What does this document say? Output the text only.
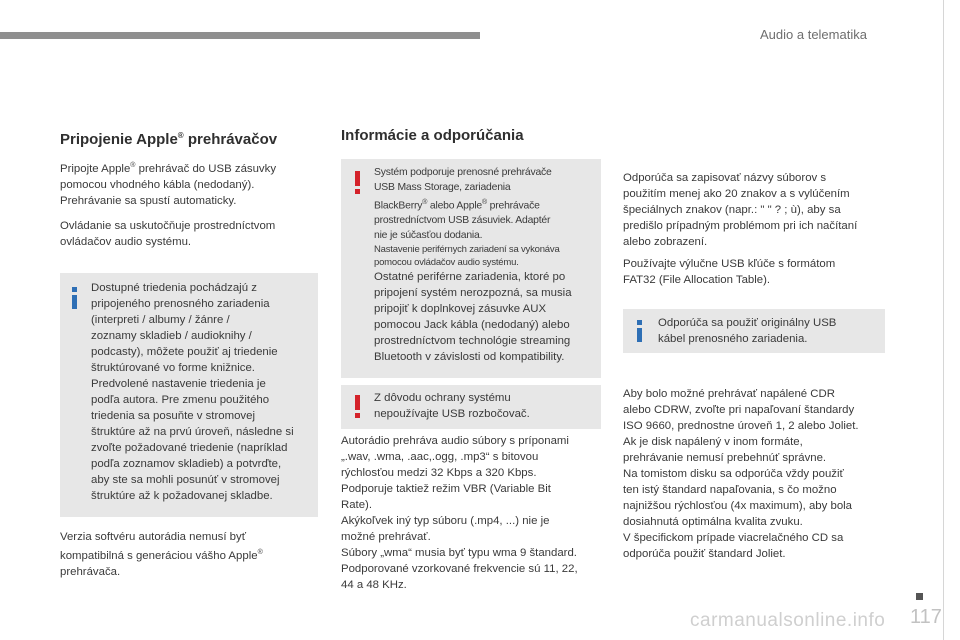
Audio a telematika
Pripojenie Apple® prehrávačov

Pripojte Apple® prehrávač do USB zásuvky

pomocou vhodného kábla (nedodaný).

Prehrávanie sa spustí automaticky.

Ovládanie sa uskutočňuje prostredníctvom

ovládačov audio systému.

Dostupné triedenia pochádzajú z

pripojeného prenosného zariadenia

(interpreti / albumy / žánre /

zoznamy skladieb / audioknihy /

podcasty), môžete použiť aj triedenie

štruktúrované vo forme knižnice.

Predvolené nastavenie triedenia je

podľa autora. Pre zmenu použitého

triedenia sa posuňte v stromovej

štruktúre až na prvú úroveň, následne si

zvoľte požadované triedenie (napríklad

podľa zoznamov skladieb) a potvrďte,

aby ste sa mohli posunúť v stromovej

štruktúre až k požadovanej skladbe.

Verzia softvéru autorádia nemusí byť

kompatibilná s generáciou vášho Apple®

prehrávača.

Informácie a odporúčania

Systém podporuje prenosné prehrávače

USB Mass Storage, zariadenia

BlackBerry® alebo Apple® prehrávače

prostredníctvom USB zásuviek. Adaptér

nie je súčasťou dodania.

Nastavenie periférnych zariadení sa vykonáva

pomocou ovládačov audio systému.

Ostatné periférne zariadenia, ktoré po

pripojení systém nerozpozná, sa musia

pripojiť k doplnkovej zásuvke AUX

pomocou Jack kábla (nedodaný) alebo

prostredníctvom technológie streaming

Bluetooth v závislosti od kompatibility.

Z dôvodu ochrany systému

nepoužívajte USB rozbočovač.

Autorádio prehráva audio súbory s príponami

„.wav, .wma, .aac,.ogg, .mp3“ s bitovou

rýchlosťou medzi 32 Kbps a 320 Kbps.

Podporuje taktiež režim VBR (Variable Bit

Rate).

Akýkoľvek iný typ súboru (.mp4, ...) nie je

možné prehrávať.

Súbory „wma“ musia byť typu wma 9 štandard.

Podporované vzorkované frekvencie sú 11, 22,

44 a 48 KHz.

Odporúča sa zapisovať názvy súborov s

použitím menej ako 20 znakov a s vylúčením

špeciálnych znakov (napr.: " " ? ; ù), aby sa

predišlo prípadným problémom pri ich načítaní

alebo zobrazení.

Používajte výlučne USB kľúče s formátom

FAT32 (File Allocation Table).

Odporúča sa použiť originálny USB

kábel prenosného zariadenia.

Aby bolo možné prehrávať napálené CDR

alebo CDRW, zvoľte pri napaľovaní štandardy

ISO 9660, prednostne úroveň 1, 2 alebo Joliet.

Ak je disk napálený v inom formáte,

prehrávanie nemusí prebehnúť správne.

Na tomistom disku sa odporúča vždy použiť

ten istý štandard napaľovania, s čo možno

najnižšou rýchlosťou (4x maximum), aby bola

dosiahnutá optimálna kvalita zvuku.

V špecifickom prípade viacrelačného CD sa

odporúča použiť štandard Joliet.

117
carmanualsonline.info
